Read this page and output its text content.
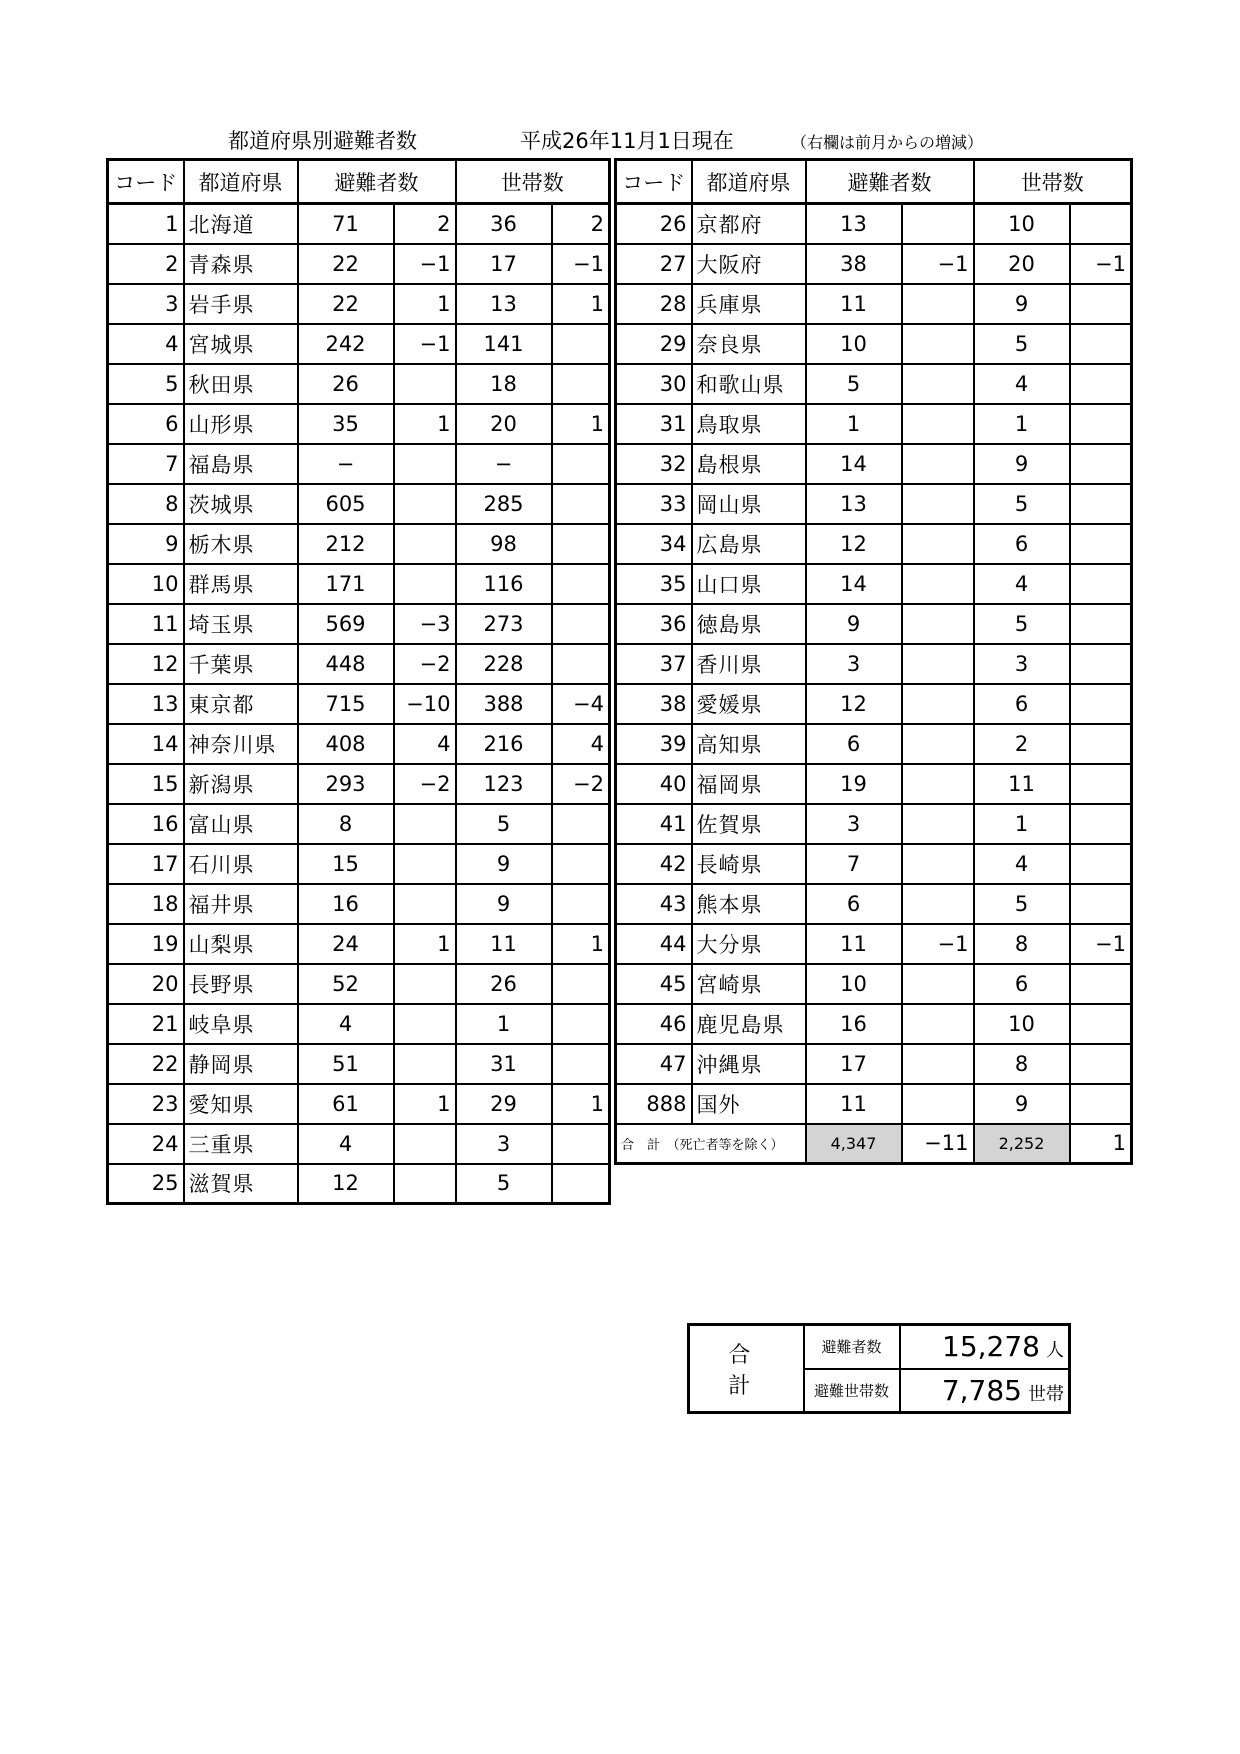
都道府県別避難者数	平成26年11月1日現在	（右欄は前月からの増減）
コード	都道府県	避難者数		世帯数	
1	北海道	71	2	36	2
2	青森県	22	−1	17	−1
3	岩手県	22	1	13	1
4	宮城県	242	−1	141	
5	秋田県	26		18	
6	山形県	35	1	20	1
7	福島県	−		−	
8	茨城県	605		285	
9	栃木県	212		98	
10	群馬県	171		116	
11	埼玉県	569	−3	273	
12	千葉県	448	−2	228	
13	東京都	715	−10	388	−4
14	神奈川県	408	4	216	4
15	新潟県	293	−2	123	−2
16	富山県	8		5	
17	石川県	15		9	
18	福井県	16		9	
19	山梨県	24	1	11	1
20	長野県	52		26	
21	岐阜県	4		1	
22	静岡県	51		31	
23	愛知県	61	1	29	1
24	三重県	4		3	
25	滋賀県	12		5	
コード	都道府県	避難者数		世帯数	
26	京都府	13		10	
27	大阪府	38	−1	20	−1
28	兵庫県	11		9	
29	奈良県	10		5	
30	和歌山県	5		4	
31	鳥取県	1		1	
32	島根県	14		9	
33	岡山県	13		5	
34	広島県	12		6	
35	山口県	14		4	
36	徳島県	9		5	
37	香川県	3		3	
38	愛媛県	12		6	
39	高知県	6		2	
40	福岡県	19		11	
41	佐賀県	3		1	
42	長崎県	7		4	
43	熊本県	6		5	
44	大分県	11	−1	8	−1
45	宮崎県	10		6	
46	鹿児島県	16		10	
47	沖縄県	17		8	
888	国外	11		9	
合　計　（死亡者等を除く）		4,347	−11	2,252	1
合　計	避難者数	15,278 人
	避難世帯数	7,785 世帯
